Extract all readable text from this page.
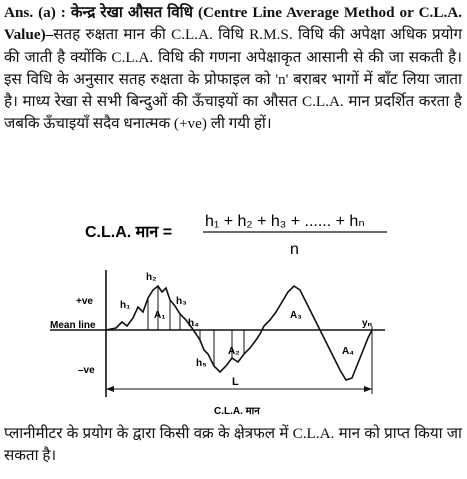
Ans. (a) : केन्द्र रेखा औसत विधि (Centre Line Average Method or C.L.A. Value)–सतह रुक्षता मान की C.L.A. विधि R.M.S. विधि की अपेक्षा अधिक प्रयोग की जाती है क्योंकि C.L.A. विधि की गणना अपेक्षाकृत आसानी से की जा सकती है। इस विधि के अनुसार सतह रुक्षता के प्रोफाइल को 'n' बराबर भागों में बाँट लिया जाता है। माध्य रेखा से सभी बिन्दुओं की ऊँचाइयों का औसत C.L.A. मान प्रदर्शित करता है जबकि ऊँचाइयाँ सदैव धनात्मक (+ve) ली गयी हों।
C.L.A. मान =
h₁ + h₂ + h₃ + ...... + hₙ
n
+ve
–ve
Mean line
h₂
h₁	h₃
h₄
h₅
A₁
A₂
A₃
A₄
yₙ
L
C.L.A. मान
प्लानीमीटर के प्रयोग के द्वारा किसी वक्र के क्षेत्रफल में C.L.A. मान को प्राप्त किया जा सकता है।
